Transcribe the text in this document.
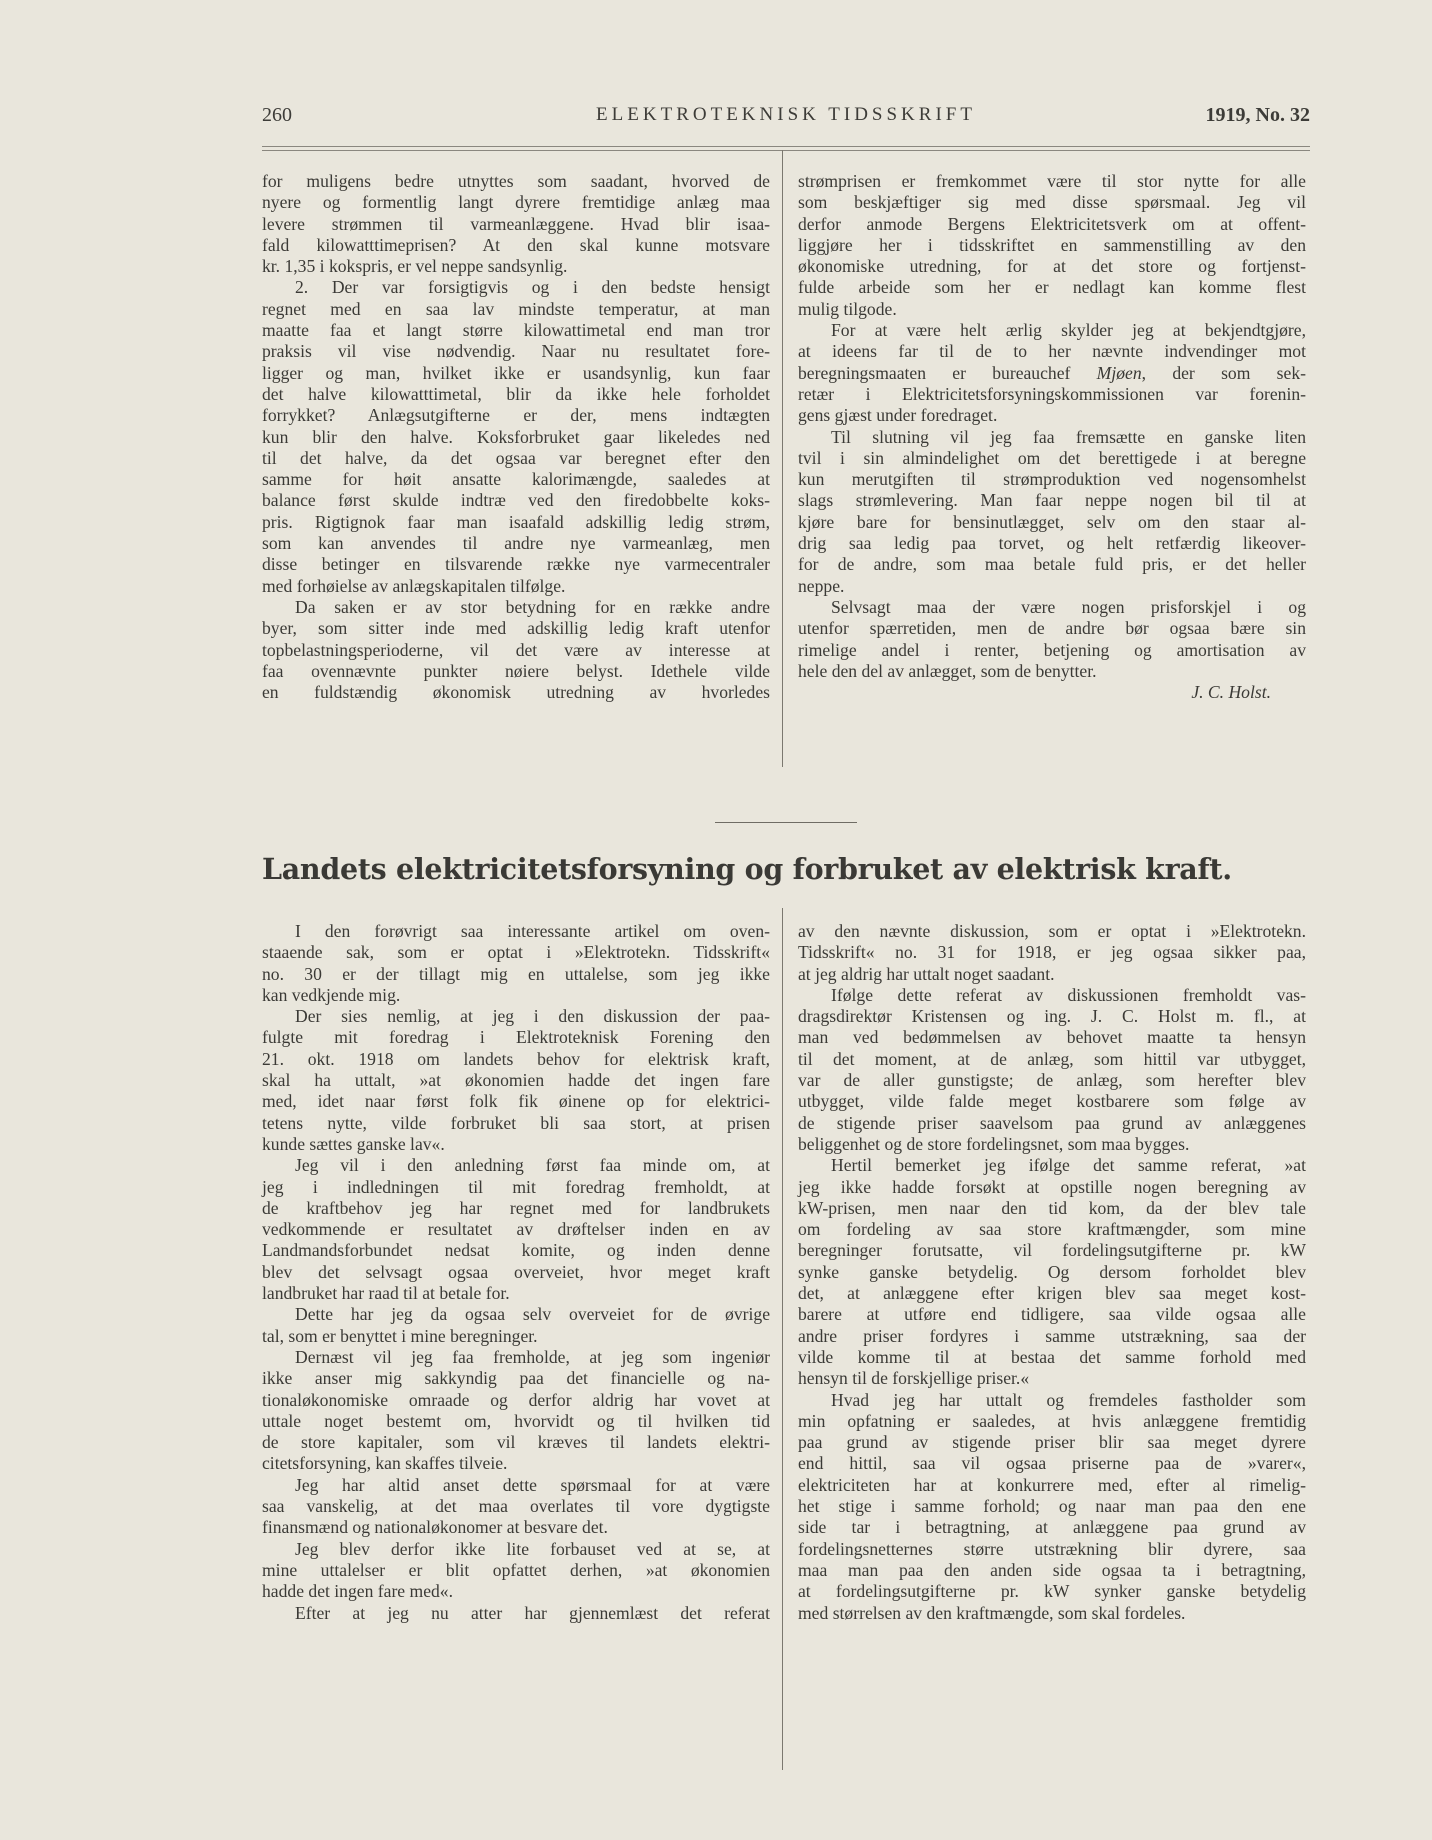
260	ELEKTROTEKNISK TIDSSKRIFT	1919, No. 32
for muligens bedre utnyttes som saadant, hvorved de
nyere og formentlig langt dyrere fremtidige anlæg maa
levere strømmen til varmeanlæggene. Hvad blir isaa-
fald kilowatttimeprisen? At den skal kunne motsvare
kr. 1,35 i kokspris, er vel neppe sandsynlig.
2. Der var forsigtigvis og i den bedste hensigt
regnet med en saa lav mindste temperatur, at man
maatte faa et langt større kilowattimetal end man tror
praksis vil vise nødvendig. Naar nu resultatet fore-
ligger og man, hvilket ikke er usandsynlig, kun faar
det halve kilowatttimetal, blir da ikke hele forholdet
forrykket? Anlægsutgifterne er der, mens indtægten
kun blir den halve. Koksforbruket gaar likeledes ned
til det halve, da det ogsaa var beregnet efter den
samme for høit ansatte kalorimængde, saaledes at
balance først skulde indtræ ved den firedobbelte koks-
pris. Rigtignok faar man isaafald adskillig ledig strøm,
som kan anvendes til andre nye varmeanlæg, men
disse betinger en tilsvarende række nye varmecentraler
med forhøielse av anlægskapitalen tilfølge.
Da saken er av stor betydning for en række andre
byer, som sitter inde med adskillig ledig kraft utenfor
topbelastningsperioderne, vil det være av interesse at
faa ovennævnte punkter nøiere belyst. Idethele vilde
en fuldstændig økonomisk utredning av hvorledes
strømprisen er fremkommet være til stor nytte for alle
som beskjæftiger sig med disse spørsmaal. Jeg vil
derfor anmode Bergens Elektricitetsverk om at offent-
liggjøre her i tidsskriftet en sammenstilling av den
økonomiske utredning, for at det store og fortjenst-
fulde arbeide som her er nedlagt kan komme flest
mulig tilgode.
For at være helt ærlig skylder jeg at bekjendtgjøre,
at ideens far til de to her nævnte indvendinger mot
beregningsmaaten er bureauchef Mjøen, der som sek-
retær i Elektricitetsforsyningskommissionen var forenin-
gens gjæst under foredraget.
Til slutning vil jeg faa fremsætte en ganske liten
tvil i sin almindelighet om det berettigede i at beregne
kun merutgiften til strømproduktion ved nogensomhelst
slags strømlevering. Man faar neppe nogen bil til at
kjøre bare for bensinutlægget, selv om den staar al-
drig saa ledig paa torvet, og helt retfærdig likeover-
for de andre, som maa betale fuld pris, er det heller
neppe.
Selvsagt maa der være nogen prisforskjel i og
utenfor spærretiden, men de andre bør ogsaa bære sin
rimelige andel i renter, betjening og amortisation av
hele den del av anlægget, som de benytter.
J. C. Holst.
Landets elektricitetsforsyning og forbruket av elektrisk kraft.
I den forøvrigt saa interessante artikel om oven-
staaende sak, som er optat i »Elektrotekn. Tidsskrift«
no. 30 er der tillagt mig en uttalelse, som jeg ikke
kan vedkjende mig.
Der sies nemlig, at jeg i den diskussion der paa-
fulgte mit foredrag i Elektroteknisk Forening den
21. okt. 1918 om landets behov for elektrisk kraft,
skal ha uttalt, »at økonomien hadde det ingen fare
med, idet naar først folk fik øinene op for elektrici-
tetens nytte, vilde forbruket bli saa stort, at prisen
kunde sættes ganske lav«.
Jeg vil i den anledning først faa minde om, at
jeg i indledningen til mit foredrag fremholdt, at
de kraftbehov jeg har regnet med for landbrukets
vedkommende er resultatet av drøftelser inden en av
Landmandsforbundet nedsat komite, og inden denne
blev det selvsagt ogsaa overveiet, hvor meget kraft
landbruket har raad til at betale for.
Dette har jeg da ogsaa selv overveiet for de øvrige
tal, som er benyttet i mine beregninger.
Dernæst vil jeg faa fremholde, at jeg som ingeniør
ikke anser mig sakkyndig paa det financielle og na-
tionaløkonomiske omraade og derfor aldrig har vovet at
uttale noget bestemt om, hvorvidt og til hvilken tid
de store kapitaler, som vil kræves til landets elektri-
citetsforsyning, kan skaffes tilveie.
Jeg har altid anset dette spørsmaal for at være
saa vanskelig, at det maa overlates til vore dygtigste
finansmænd og nationaløkonomer at besvare det.
Jeg blev derfor ikke lite forbauset ved at se, at
mine uttalelser er blit opfattet derhen, »at økonomien
hadde det ingen fare med«.
Efter at jeg nu atter har gjennemlæst det referat
av den nævnte diskussion, som er optat i »Elektrotekn.
Tidsskrift« no. 31 for 1918, er jeg ogsaa sikker paa,
at jeg aldrig har uttalt noget saadant.
Ifølge dette referat av diskussionen fremholdt vas-
dragsdirektør Kristensen og ing. J. C. Holst m. fl., at
man ved bedømmelsen av behovet maatte ta hensyn
til det moment, at de anlæg, som hittil var utbygget,
var de aller gunstigste; de anlæg, som herefter blev
utbygget, vilde falde meget kostbarere som følge av
de stigende priser saavelsom paa grund av anlæggenes
beliggenhet og de store fordelingsnet, som maa bygges.
Hertil bemerket jeg ifølge det samme referat, »at
jeg ikke hadde forsøkt at opstille nogen beregning av
kW-prisen, men naar den tid kom, da der blev tale
om fordeling av saa store kraftmængder, som mine
beregninger forutsatte, vil fordelingsutgifterne pr. kW
synke ganske betydelig. Og dersom forholdet blev
det, at anlæggene efter krigen blev saa meget kost-
barere at utføre end tidligere, saa vilde ogsaa alle
andre priser fordyres i samme utstrækning, saa der
vilde komme til at bestaa det samme forhold med
hensyn til de forskjellige priser.«
Hvad jeg har uttalt og fremdeles fastholder som
min opfatning er saaledes, at hvis anlæggene fremtidig
paa grund av stigende priser blir saa meget dyrere
end hittil, saa vil ogsaa priserne paa de »varer«,
elektriciteten har at konkurrere med, efter al rimelig-
het stige i samme forhold; og naar man paa den ene
side tar i betragtning, at anlæggene paa grund av
fordelingsnetternes større utstrækning blir dyrere, saa
maa man paa den anden side ogsaa ta i betragtning,
at fordelingsutgifterne pr. kW synker ganske betydelig
med størrelsen av den kraftmængde, som skal fordeles.
